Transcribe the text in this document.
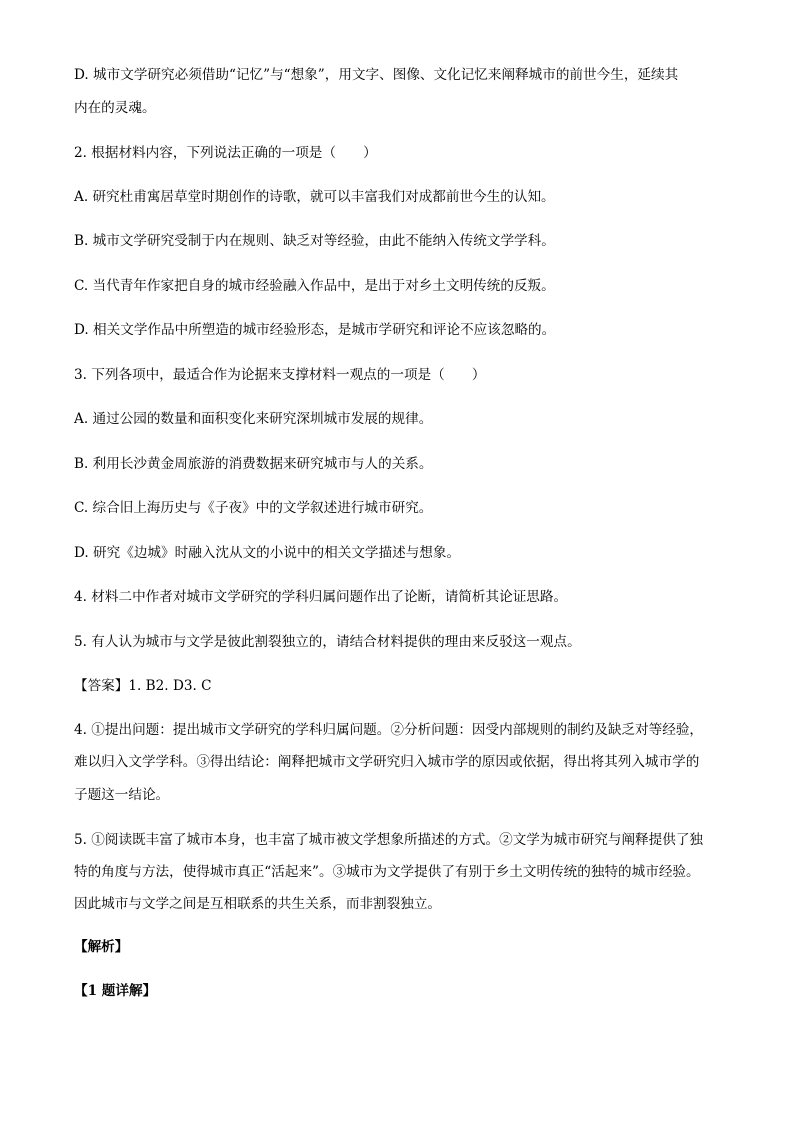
D. 城市文学研究必须借助“记忆”与“想象”，用文字、图像、文化记忆来阐释城市的前世今生，延续其
内在的灵魂。
2. 根据材料内容，下列说法正确的一项是（　　）
A. 研究杜甫寓居草堂时期创作的诗歌，就可以丰富我们对成都前世今生的认知。
B. 城市文学研究受制于内在规则、缺乏对等经验，由此不能纳入传统文学学科。
C. 当代青年作家把自身的城市经验融入作品中，是出于对乡土文明传统的反叛。
D. 相关文学作品中所塑造的城市经验形态，是城市学研究和评论不应该忽略的。
3. 下列各项中，最适合作为论据来支撑材料一观点的一项是（　　）
A. 通过公园的数量和面积变化来研究深圳城市发展的规律。
B. 利用长沙黄金周旅游的消费数据来研究城市与人的关系。
C. 综合旧上海历史与《子夜》中的文学叙述进行城市研究。
D. 研究《边城》时融入沈从文的小说中的相关文学描述与想象。
4. 材料二中作者对城市文学研究的学科归属问题作出了论断，请简析其论证思路。
5. 有人认为城市与文学是彼此割裂独立的，请结合材料提供的理由来反驳这一观点。
【答案】1. B2. D3. C
4. ①提出问题：提出城市文学研究的学科归属问题。②分析问题：因受内部规则的制约及缺乏对等经验，
难以归入文学学科。③得出结论：阐释把城市文学研究归入城市学的原因或依据，得出将其列入城市学的
子题这一结论。
5. ①阅读既丰富了城市本身，也丰富了城市被文学想象所描述的方式。②文学为城市研究与阐释提供了独
特的角度与方法，使得城市真正“活起来”。③城市为文学提供了有别于乡土文明传统的独特的城市经验。
因此城市与文学之间是互相联系的共生关系，而非割裂独立。
【解析】
【1 题详解】
